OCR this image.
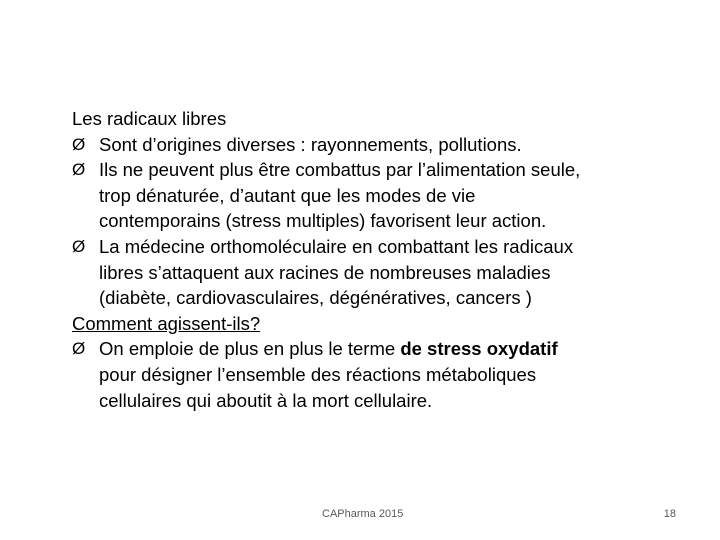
Les radicaux libres
Ø Sont d’origines diverses : rayonnements, pollutions.
Ø Ils ne peuvent plus être combattus par l’alimentation seule,
trop dénaturée, d’autant que les modes de vie
contemporains (stress multiples) favorisent leur action.
Ø La médecine orthomoléculaire en combattant les radicaux
libres s’attaquent aux racines de nombreuses maladies
(diabète, cardiovasculaires, dégénératives, cancers )
Comment agissent-ils?
Ø On emploie de plus en plus le terme de stress oxydatif
pour désigner l’ensemble des réactions métaboliques
cellulaires qui aboutit à la mort cellulaire.
CAPharma 2015	18
